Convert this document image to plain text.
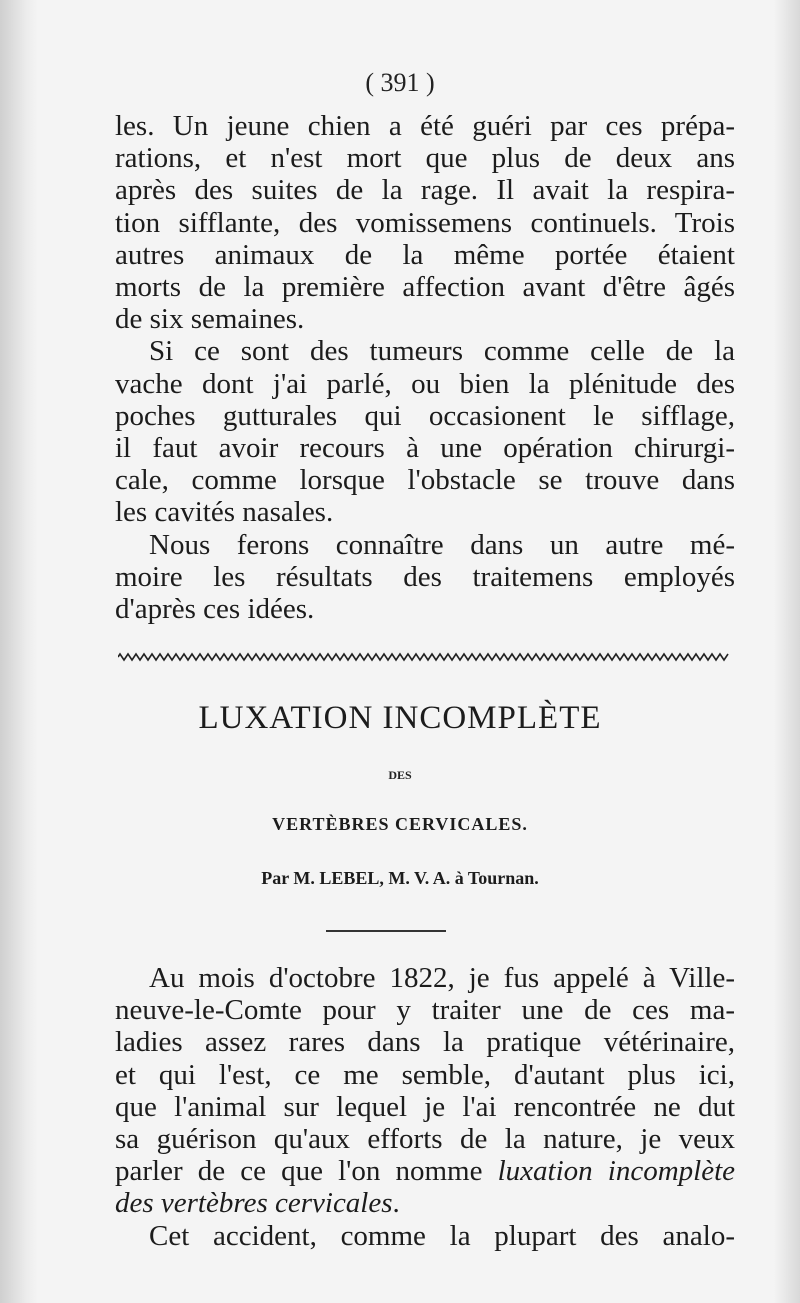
( 391 )
les. Un jeune chien a été guéri par ces prépa-
rations, et n'est mort que plus de deux ans
après des suites de la rage. Il avait la respira-
tion sifflante, des vomissemens continuels. Trois
autres animaux de la même portée étaient
morts de la première affection avant d'être âgés
de six semaines.
Si ce sont des tumeurs comme celle de la
vache dont j'ai parlé, ou bien la plénitude des
poches gutturales qui occasionent le sifflage,
il faut avoir recours à une opération chirurgi-
cale, comme lorsque l'obstacle se trouve dans
les cavités nasales.
Nous ferons connaître dans un autre mé-
moire les résultats des traitemens employés
d'après ces idées.
LUXATION INCOMPLÈTE
DES
VERTÈBRES CERVICALES.
Par M. LEBEL, M. V. A. à Tournan.
Au mois d'octobre 1822, je fus appelé à Ville-
neuve-le-Comte pour y traiter une de ces ma-
ladies assez rares dans la pratique vétérinaire,
et qui l'est, ce me semble, d'autant plus ici,
que l'animal sur lequel je l'ai rencontrée ne dut
sa guérison qu'aux efforts de la nature, je veux
parler de ce que l'on nomme luxation incomplète
des vertèbres cervicales.
Cet accident, comme la plupart des analo-
